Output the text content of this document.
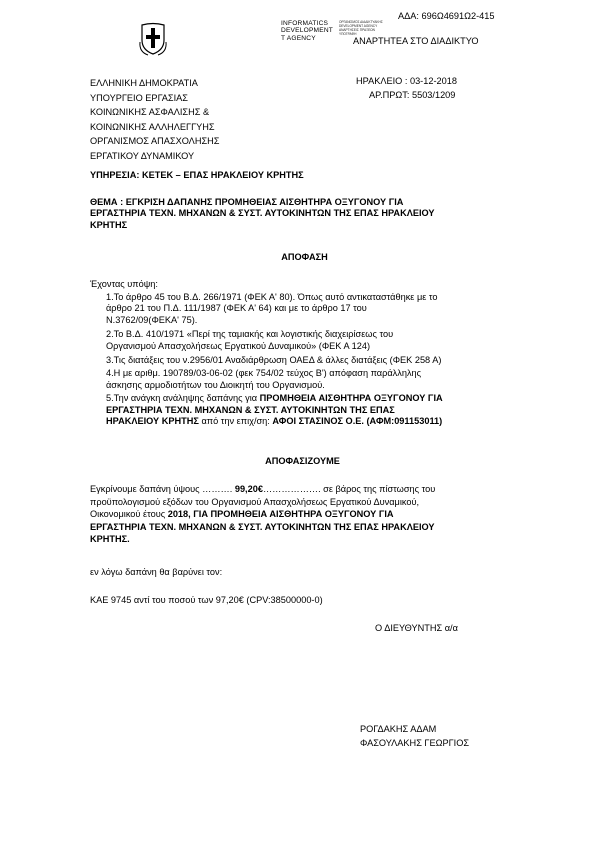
INFORMATICS
DEVELOPMENT
T AGENCY
ΟΡΓΑΝΙΣΜΟΣ ΔΙΑΔΙΚΤΥΑΚΗΣ DEVELOPMENT AGENCY ΑΝΑΡΤΗΣΕΙΣ ΠΡΑΞΕΩΝ ΥΠΟΓΡΑΦΗ
ΑΔΑ: 696Ω4691Ω2-415
ΑΝΑΡΤΗΤΕΑ ΣΤΟ ΔΙΑΔΙΚΤΥΟ
ΕΛΛΗΝΙΚΗ ΔΗΜΟΚΡΑΤΙΑ
ΥΠΟΥΡΓΕΙΟ ΕΡΓΑΣΙΑΣ
ΚΟΙΝΩΝΙΚΗΣ ΑΣΦΑΛΙΣΗΣ &
ΚΟΙΝΩΝΙΚΗΣ ΑΛΛΗΛΕΓΓΥΗΣ
ΟΡΓΑΝΙΣΜΟΣ ΑΠΑΣΧΟΛΗΣΗΣ
ΕΡΓΑΤΙΚΟΥ ΔΥΝΑΜΙΚΟΥ
ΗΡΑΚΛΕΙΟ : 03-12-2018
ΑΡ.ΠΡΩΤ: 5503/1209
ΥΠΗΡΕΣΙΑ: ΚΕΤΕΚ – ΕΠΑΣ ΗΡΑΚΛΕΙΟΥ ΚΡΗΤΗΣ
ΘΕΜΑ : ΕΓΚΡΙΣΗ ΔΑΠΑΝΗΣ ΠΡΟΜΗΘΕΙΑΣ ΑΙΣΘΗΤΗΡΑ ΟΞΥΓΟΝΟΥ ΓΙΑ
ΕΡΓΑΣΤΗΡΙΑ ΤΕΧΝ. ΜΗΧΑΝΩΝ & ΣΥΣΤ. ΑΥΤΟΚΙΝΗΤΩΝ ΤΗΣ ΕΠΑΣ ΗΡΑΚΛΕΙΟΥ
ΚΡΗΤΗΣ
ΑΠΟΦΑΣΗ
Έχοντας υπόψη:
1.Το άρθρο 45 του Β.Δ. 266/1971 (ΦΕΚ Α' 80). Όπως αυτό αντικαταστάθηκε με το
άρθρο 21 του Π.Δ. 111/1987 (ΦΕΚ Α' 64) και με το άρθρο 17 του
Ν.3762/09(ΦΕΚΑ' 75).
2.Το Β.Δ. 410/1971 «Περί της ταμιακής και λογιστικής διαχειρίσεως του
Οργανισμού Απασχολήσεως Εργατικού Δυναμικού» (ΦΕΚ Α 124)
3.Τις διατάξεις του ν.2956/01 Αναδιάρθρωση ΟΑΕΔ & άλλες διατάξεις (ΦΕΚ 258 Α)
4.Η με αριθμ. 190789/03-06-02 (φεκ 754/02 τεύχος Β') απόφαση παράλληλης
άσκησης αρμοδιοτήτων του Διοικητή του Οργανισμού.
5.Την ανάγκη ανάληψης δαπάνης για ΠΡΟΜΗΘΕΙΑ ΑΙΣΘΗΤΗΡΑ ΟΞΥΓΟΝΟΥ ΓΙΑ
ΕΡΓΑΣΤΗΡΙΑ ΤΕΧΝ. ΜΗΧΑΝΩΝ & ΣΥΣΤ. ΑΥΤΟΚΙΝΗΤΩΝ ΤΗΣ ΕΠΑΣ
ΗΡΑΚΛΕΙΟΥ ΚΡΗΤΗΣ από την επιχ/ση: ΑΦΟΙ ΣΤΑΣΙΝΟΣ Ο.Ε. (ΑΦΜ:091153011)
ΑΠΟΦΑΣΙΖΟΥΜΕ
Εγκρίνουμε δαπάνη ύψους ………. 99,20€………………. σε βάρος της πίστωσης του
προϋπολογισμού εξόδων του Οργανισμού Απασχολήσεως Εργατικού Δυναμικού,
Οικονομικού έτους 2018, ΓΙΑ ΠΡΟΜΗΘΕΙΑ ΑΙΣΘΗΤΗΡΑ ΟΞΥΓΟΝΟΥ ΓΙΑ
ΕΡΓΑΣΤΗΡΙΑ ΤΕΧΝ. ΜΗΧΑΝΩΝ & ΣΥΣΤ. ΑΥΤΟΚΙΝΗΤΩΝ ΤΗΣ ΕΠΑΣ ΗΡΑΚΛΕΙΟΥ
ΚΡΗΤΗΣ.
εν λόγω δαπάνη θα βαρύνει τον:
ΚΑΕ 9745 αντί του ποσού των 97,20€ (CPV:38500000-0)
Ο ΔΙΕΥΘΥΝΤΗΣ α/α
ΡΟΓΔΑΚΗΣ ΑΔΑΜ
ΦΑΣΟΥΛΑΚΗΣ ΓΕΩΡΓΙΟΣ
